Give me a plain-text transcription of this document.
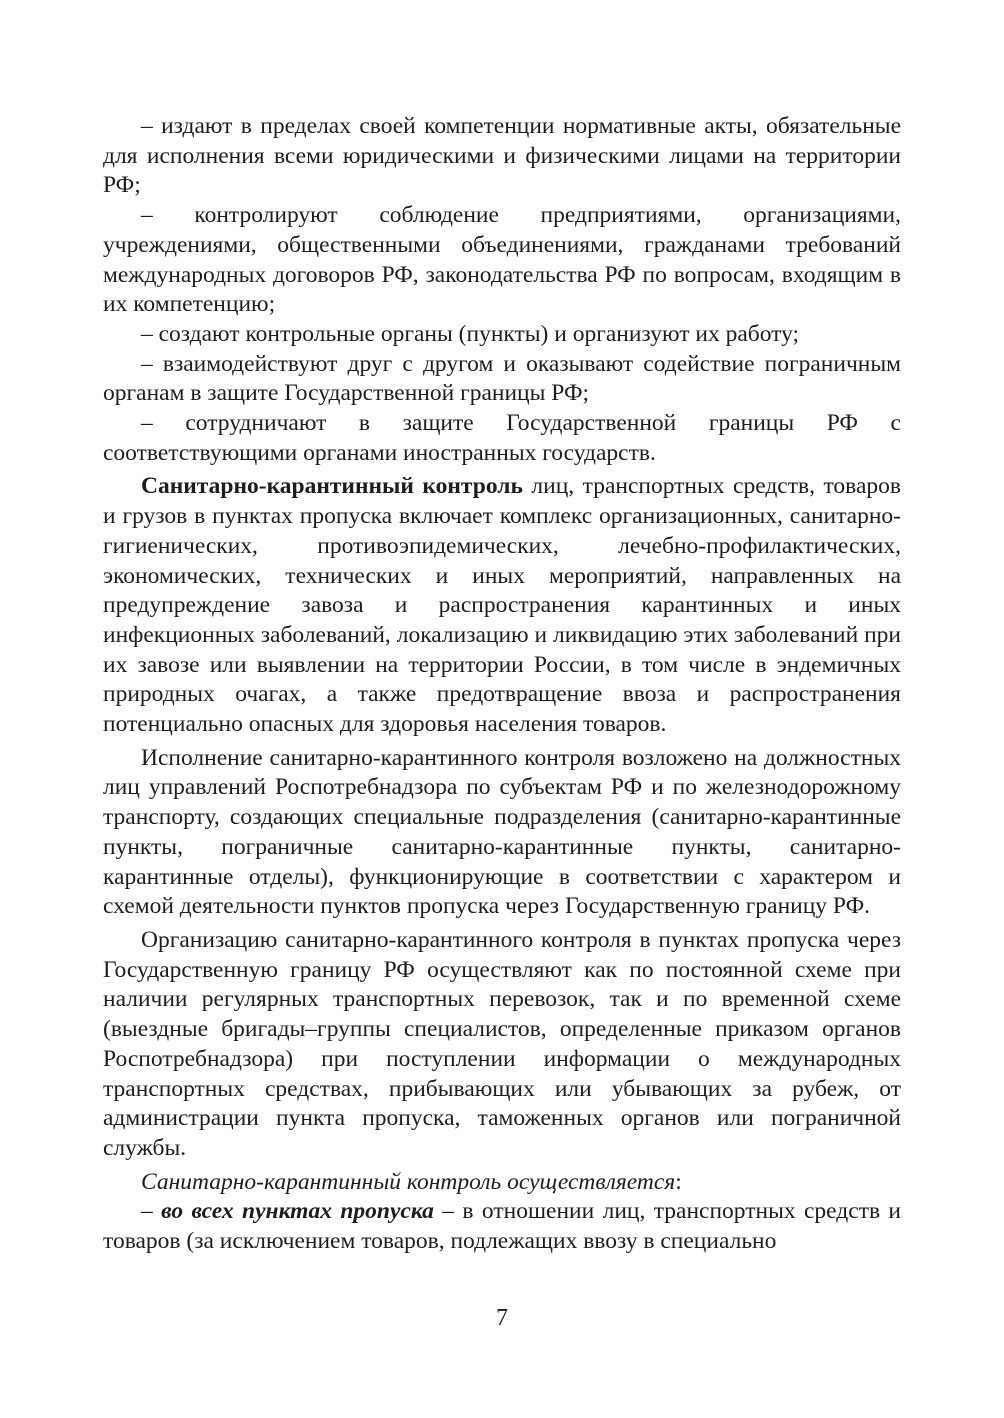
– издают в пределах своей компетенции нормативные акты, обязательные для исполнения всеми юридическими и физическими лицами на территории РФ;

– контролируют соблюдение предприятиями, организациями, учреждениями, общественными объединениями, гражданами требований международных договоров РФ, законодательства РФ по вопросам, входящим в их компетенцию;

– создают контрольные органы (пункты) и организуют их работу;

– взаимодействуют друг с другом и оказывают содействие пограничным органам в защите Государственной границы РФ;

– сотрудничают в защите Государственной границы РФ с соответствующими органами иностранных государств.

Санитарно-карантинный контроль лиц, транспортных средств, товаров и грузов в пунктах пропуска включает комплекс организационных, санитарно-гигиенических, противоэпидемических, лечебно-профилактических, экономических, технических и иных мероприятий, направленных на предупреждение завоза и распространения карантинных и иных инфекционных заболеваний, локализацию и ликвидацию этих заболеваний при их завозе или выявлении на территории России, в том числе в эндемичных природных очагах, а также предотвращение ввоза и распространения потенциально опасных для здоровья населения товаров.

Исполнение санитарно-карантинного контроля возложено на должностных лиц управлений Роспотребнадзора по субъектам РФ и по железнодорожному транспорту, создающих специальные подразделения (санитарно-карантинные пункты, пограничные санитарно-карантинные пункты, санитарно-карантинные отделы), функционирующие в соответствии с характером и схемой деятельности пунктов пропуска через Государственную границу РФ.

Организацию санитарно-карантинного контроля в пунктах пропуска через Государственную границу РФ осуществляют как по постоянной схеме при наличии регулярных транспортных перевозок, так и по временной схеме (выездные бригады–группы специалистов, определенные приказом органов Роспотребнадзора) при поступлении информации о международных транспортных средствах, прибывающих или убывающих за рубеж, от администрации пункта пропуска, таможенных органов или пограничной службы.

Санитарно-карантинный контроль осуществляется:

– во всех пунктах пропуска – в отношении лиц, транспортных средств и товаров (за исключением товаров, подлежащих ввозу в специально

7
